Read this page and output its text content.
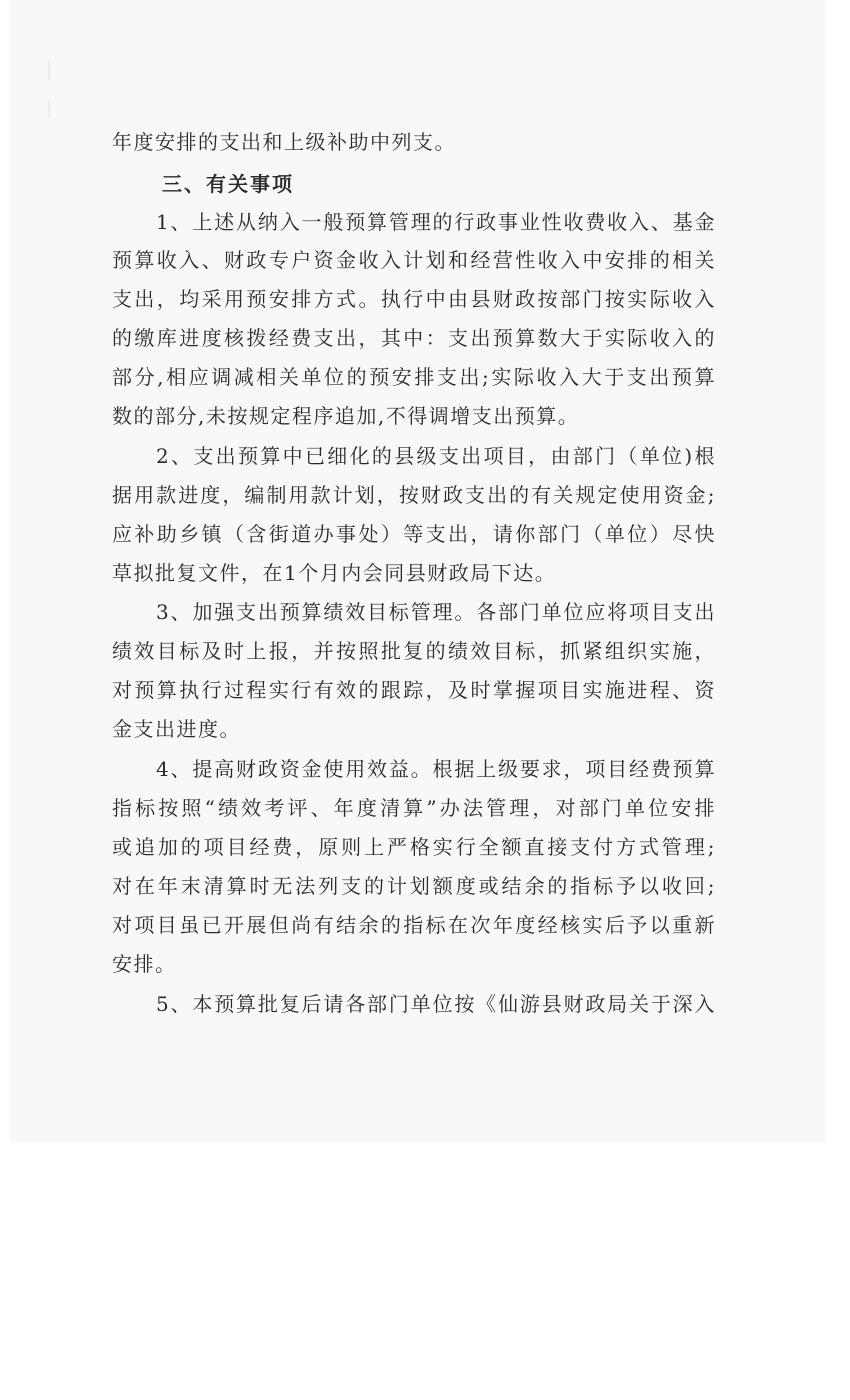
年度安排的支出和上级补助中列支。
三、有关事项
1、上述从纳入一般预算管理的行政事业性收费收入、基金
预算收入、财政专户资金收入计划和经营性收入中安排的相关
支出，均采用预安排方式。执行中由县财政按部门按实际收入
的缴库进度核拨经费支出，其中：支出预算数大于实际收入的
部分,相应调减相关单位的预安排支出;实际收入大于支出预算
数的部分,未按规定程序追加,不得调增支出预算。
2、支出预算中已细化的县级支出项目，由部门（单位)根
据用款进度，编制用款计划，按财政支出的有关规定使用资金;
应补助乡镇（含街道办事处）等支出，请你部门（单位）尽快
草拟批复文件，在1个月内会同县财政局下达。
3、加强支出预算绩效目标管理。各部门单位应将项目支出
绩效目标及时上报，并按照批复的绩效目标，抓紧组织实施，
对预算执行过程实行有效的跟踪，及时掌握项目实施进程、资
金支出进度。
4、提高财政资金使用效益。根据上级要求，项目经费预算
指标按照“绩效考评、年度清算”办法管理，对部门单位安排
或追加的项目经费，原则上严格实行全额直接支付方式管理;
对在年末清算时无法列支的计划额度或结余的指标予以收回;
对项目虽已开展但尚有结余的指标在次年度经核实后予以重新
安排。
5、本预算批复后请各部门单位按《仙游县财政局关于深入
